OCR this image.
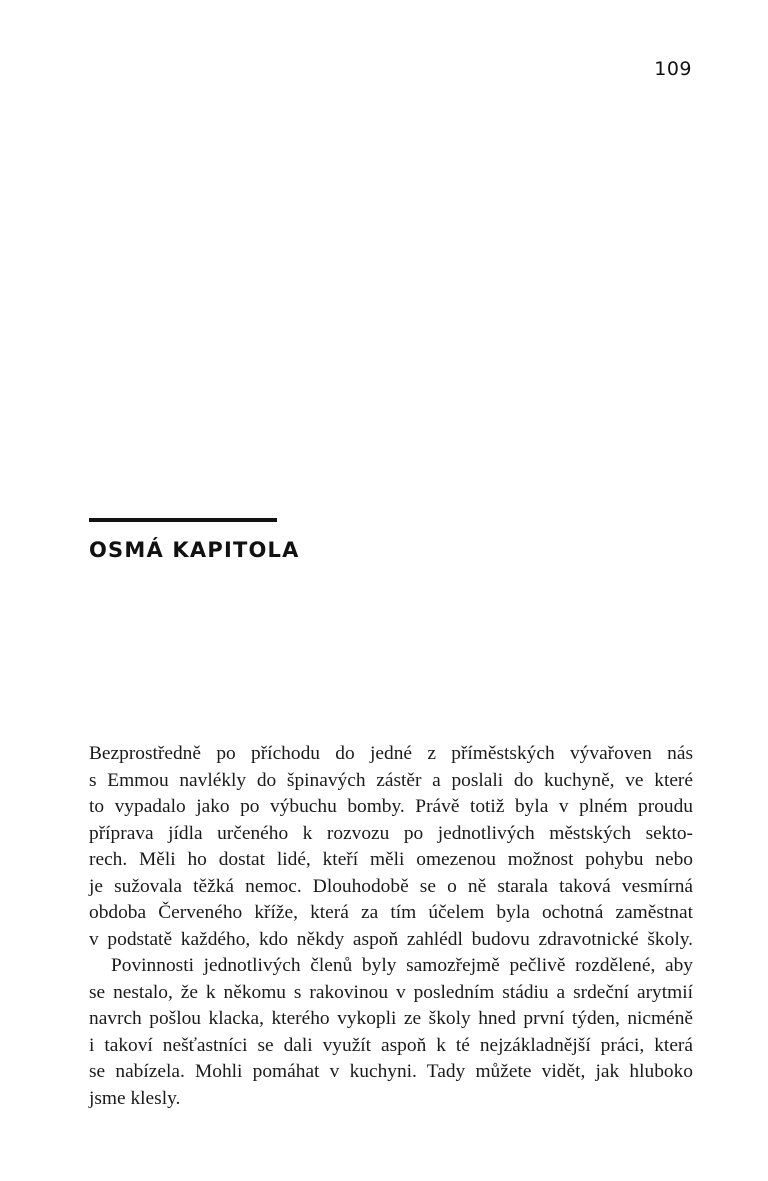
109
OSMÁ KAPITOLA

Bezprostředně po příchodu do jedné z příměstských vývařoven nás
s Emmou navlékly do špinavých zástěr a poslali do kuchyně, ve které
to vypadalo jako po výbuchu bomby. Právě totiž byla v plném proudu
příprava jídla určeného k rozvozu po jednotlivých městských sekto-
rech. Měli ho dostat lidé, kteří měli omezenou možnost pohybu nebo
je sužovala těžká nemoc. Dlouhodobě se o ně starala taková vesmírná
obdoba Červeného kříže, která za tím účelem byla ochotná zaměstnat
v podstatě každého, kdo někdy aspoň zahlédl budovu zdravotnické školy.

Povinnosti jednotlivých členů byly samozřejmě pečlivě rozdělené, aby
se nestalo, že k někomu s rakovinou v posledním stádiu a srdeční arytmií
navrch pošlou klacka, kterého vykopli ze školy hned první týden, nicméně
i takoví nešťastníci se dali využít aspoň k té nejzákladnější práci, která
se nabízela. Mohli pomáhat v kuchyni. Tady můžete vidět, jak hluboko
jsme klesly.
